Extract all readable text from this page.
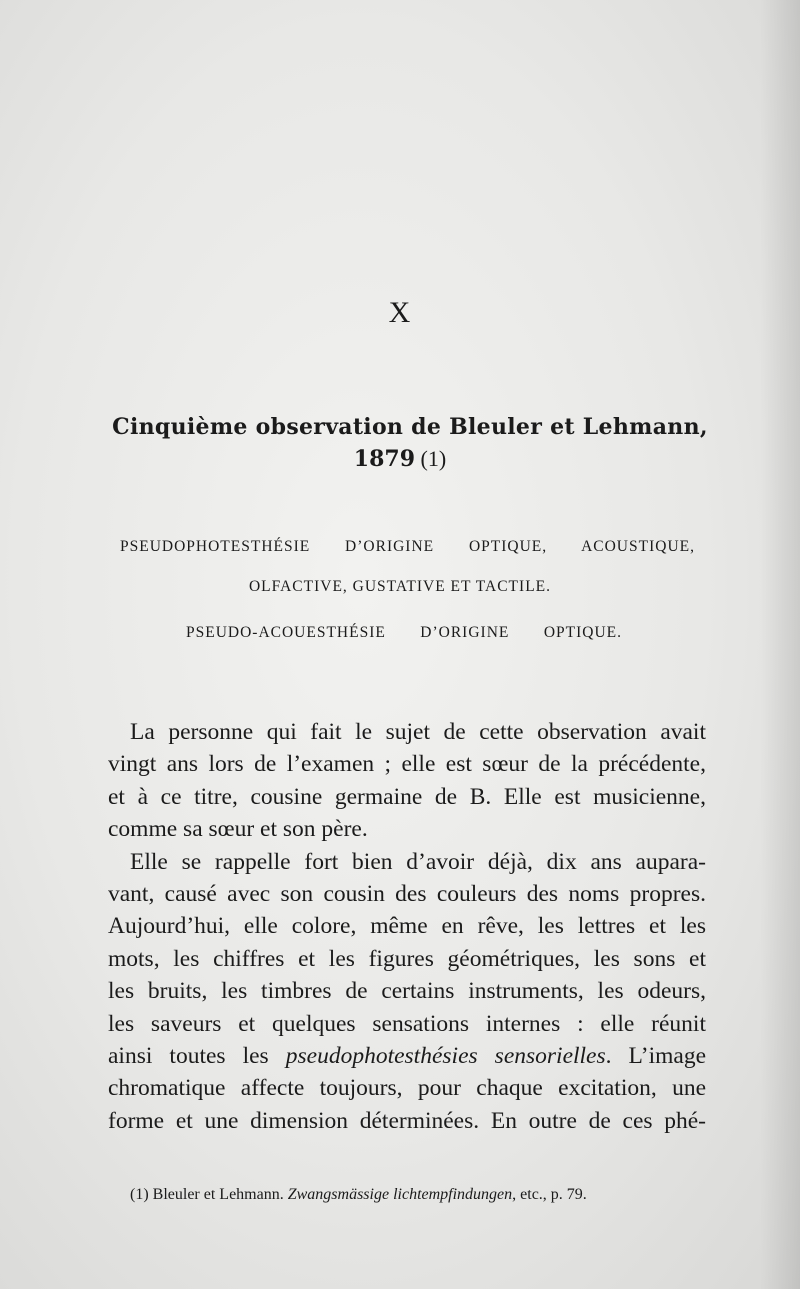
X
Cinquième observation de Bleuler et Lehmann,
1879 (1)
PSEUDOPHOTESTHÉSIE D’ORIGINE OPTIQUE, ACOUSTIQUE,
OLFACTIVE, GUSTATIVE ET TACTILE.
PSEUDO-ACOUESTHÉSIE D’ORIGINE OPTIQUE.
La personne qui fait le sujet de cette observation avait
vingt ans lors de l’examen ; elle est sœur de la précédente,
et à ce titre, cousine germaine de B. Elle est musicienne,
comme sa sœur et son père.
Elle se rappelle fort bien d’avoir déjà, dix ans aupara-
vant, causé avec son cousin des couleurs des noms propres.
Aujourd’hui, elle colore, même en rêve, les lettres et les
mots, les chiffres et les figures géométriques, les sons et
les bruits, les timbres de certains instruments, les odeurs,
les saveurs et quelques sensations internes : elle réunit
ainsi toutes les pseudophotesthésies sensorielles. L’image
chromatique affecte toujours, pour chaque excitation, une
forme et une dimension déterminées. En outre de ces phé-
(1) Bleuler et Lehmann. Zwangsmässige lichtempfindungen, etc., p. 79.
